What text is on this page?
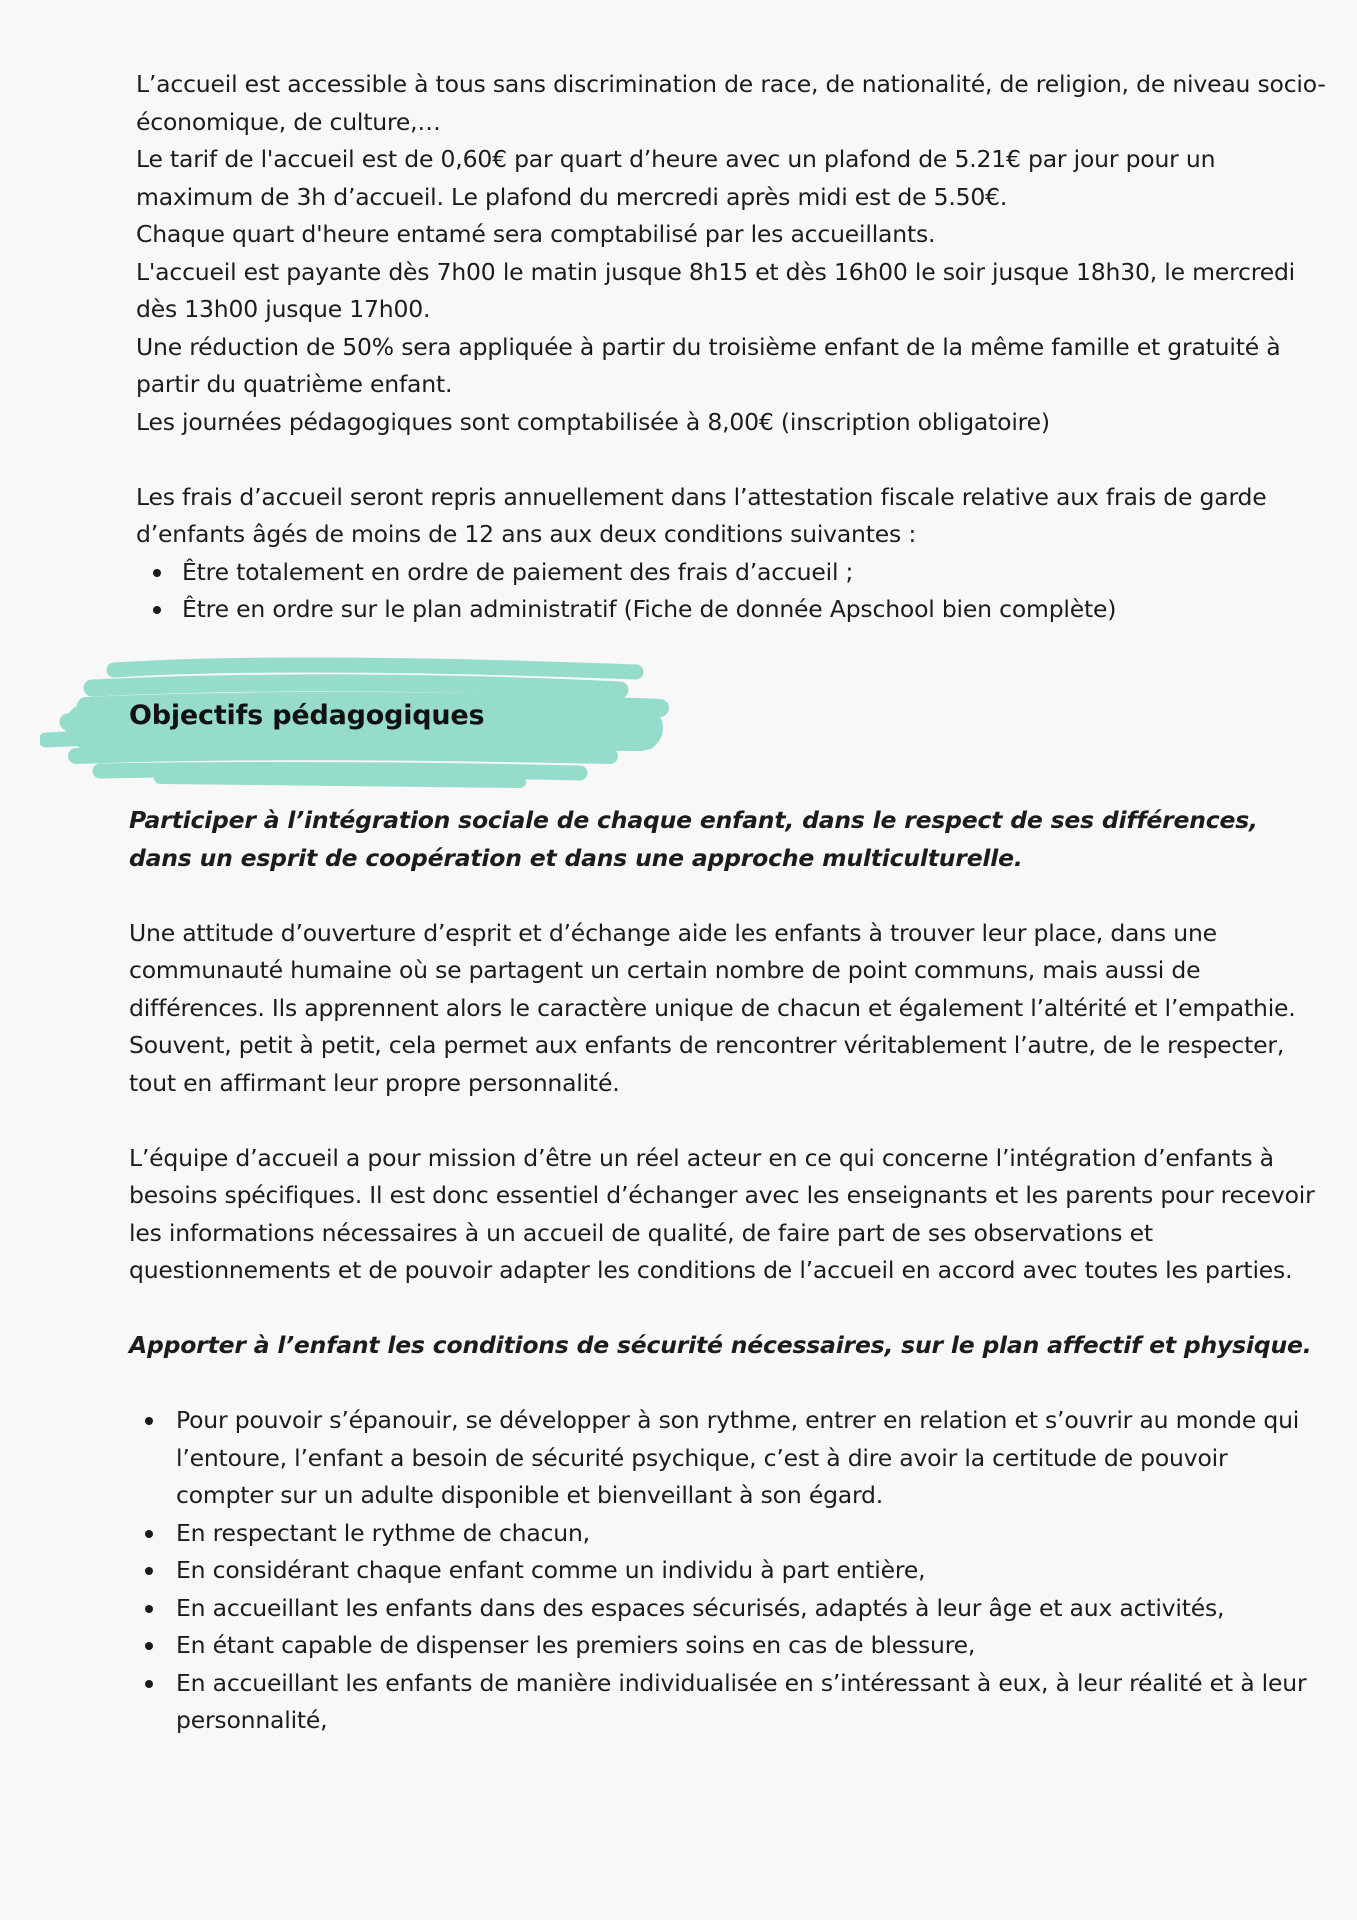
L’accueil est accessible à tous sans discrimination de race, de nationalité, de religion, de niveau socio-économique, de culture,…

Le tarif de l'accueil est de 0,60€ par quart d’heure avec un plafond de 5.21€ par jour pour un maximum de 3h d’accueil. Le plafond du mercredi après midi est de 5.50€.

Chaque quart d'heure entamé sera comptabilisé par les accueillants.

L'accueil est payante dès 7h00 le matin jusque 8h15 et dès 16h00 le soir jusque 18h30, le mercredi dès 13h00 jusque 17h00.

Une réduction de 50% sera appliquée à partir du troisième enfant de la même famille et gratuité à partir du quatrième enfant.

Les journées pédagogiques sont comptabilisée à 8,00€ (inscription obligatoire)

Les frais d’accueil seront repris annuellement dans l’attestation fiscale relative aux frais de garde d’enfants âgés de moins de 12 ans aux deux conditions suivantes :

Être totalement en ordre de paiement des frais d’accueil ;
Être en ordre sur le plan administratif (Fiche de donnée Apschool bien complète)
Objectifs pédagogiques

Participer à l’intégration sociale de chaque enfant, dans le respect de ses différences, dans un esprit de coopération et dans une approche multiculturelle.

Une attitude d’ouverture d’esprit et d’échange aide les enfants à trouver leur place, dans une communauté humaine où se partagent un certain nombre de point communs, mais aussi de différences. Ils apprennent alors le caractère unique de chacun et également l’altérité et l’empathie. Souvent, petit à petit, cela permet aux enfants de rencontrer véritablement l’autre, de le respecter, tout en affirmant leur propre personnalité.

L’équipe d’accueil a pour mission d’être un réel acteur en ce qui concerne l’intégration d’enfants à besoins spécifiques. Il est donc essentiel d’échanger avec les enseignants et les parents pour recevoir les informations nécessaires à un accueil de qualité, de faire part de ses observations et questionnements et de pouvoir adapter les conditions de l’accueil en accord avec toutes les parties.

Apporter à l’enfant les conditions de sécurité nécessaires, sur le plan affectif et physique.

Pour pouvoir s’épanouir, se développer à son rythme, entrer en relation et s’ouvrir au monde qui l’entoure, l’enfant a besoin de sécurité psychique, c’est à dire avoir la certitude de pouvoir compter sur un adulte disponible et bienveillant à son égard.
En respectant le rythme de chacun,
En considérant chaque enfant comme un individu à part entière,
En accueillant les enfants dans des espaces sécurisés, adaptés à leur âge et aux activités,
En étant capable de dispenser les premiers soins en cas de blessure,
En accueillant les enfants de manière individualisée en s’intéressant à eux, à leur réalité et à leur personnalité,
